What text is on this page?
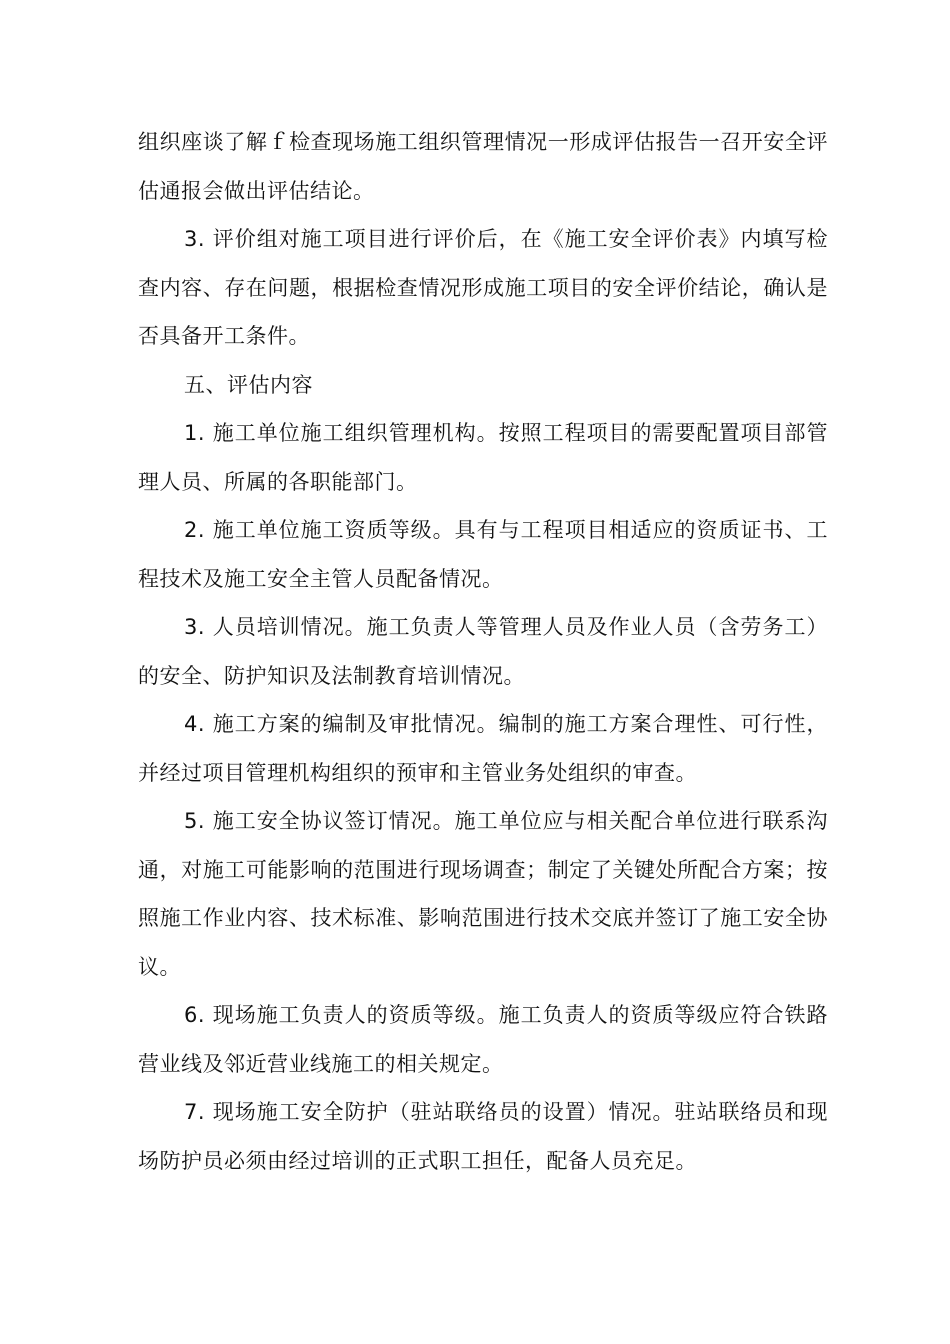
组织座谈了解ｆ检查现场施工组织管理情况一形成评估报告一召开安全评估通报会做出评估结论。

3. 评价组对施工项目进行评价后，在《施工安全评价表》内填写检查内容、存在问题，根据检查情况形成施工项目的安全评价结论，确认是否具备开工条件。

五、评估内容

1. 施工单位施工组织管理机构。按照工程项目的需要配置项目部管理人员、所属的各职能部门。

2. 施工单位施工资质等级。具有与工程项目相适应的资质证书、工程技术及施工安全主管人员配备情况。

3. 人员培训情况。施工负责人等管理人员及作业人员（含劳务工）的安全、防护知识及法制教育培训情况。

4. 施工方案的编制及审批情况。编制的施工方案合理性、可行性，并经过项目管理机构组织的预审和主管业务处组织的审查。

5. 施工安全协议签订情况。施工单位应与相关配合单位进行联系沟通，对施工可能影响的范围进行现场调查；制定了关键处所配合方案；按照施工作业内容、技术标准、影响范围进行技术交底并签订了施工安全协议。

6. 现场施工负责人的资质等级。施工负责人的资质等级应符合铁路营业线及邻近营业线施工的相关规定。

7. 现场施工安全防护（驻站联络员的设置）情况。驻站联络员和现场防护员必须由经过培训的正式职工担任，配备人员充足。
